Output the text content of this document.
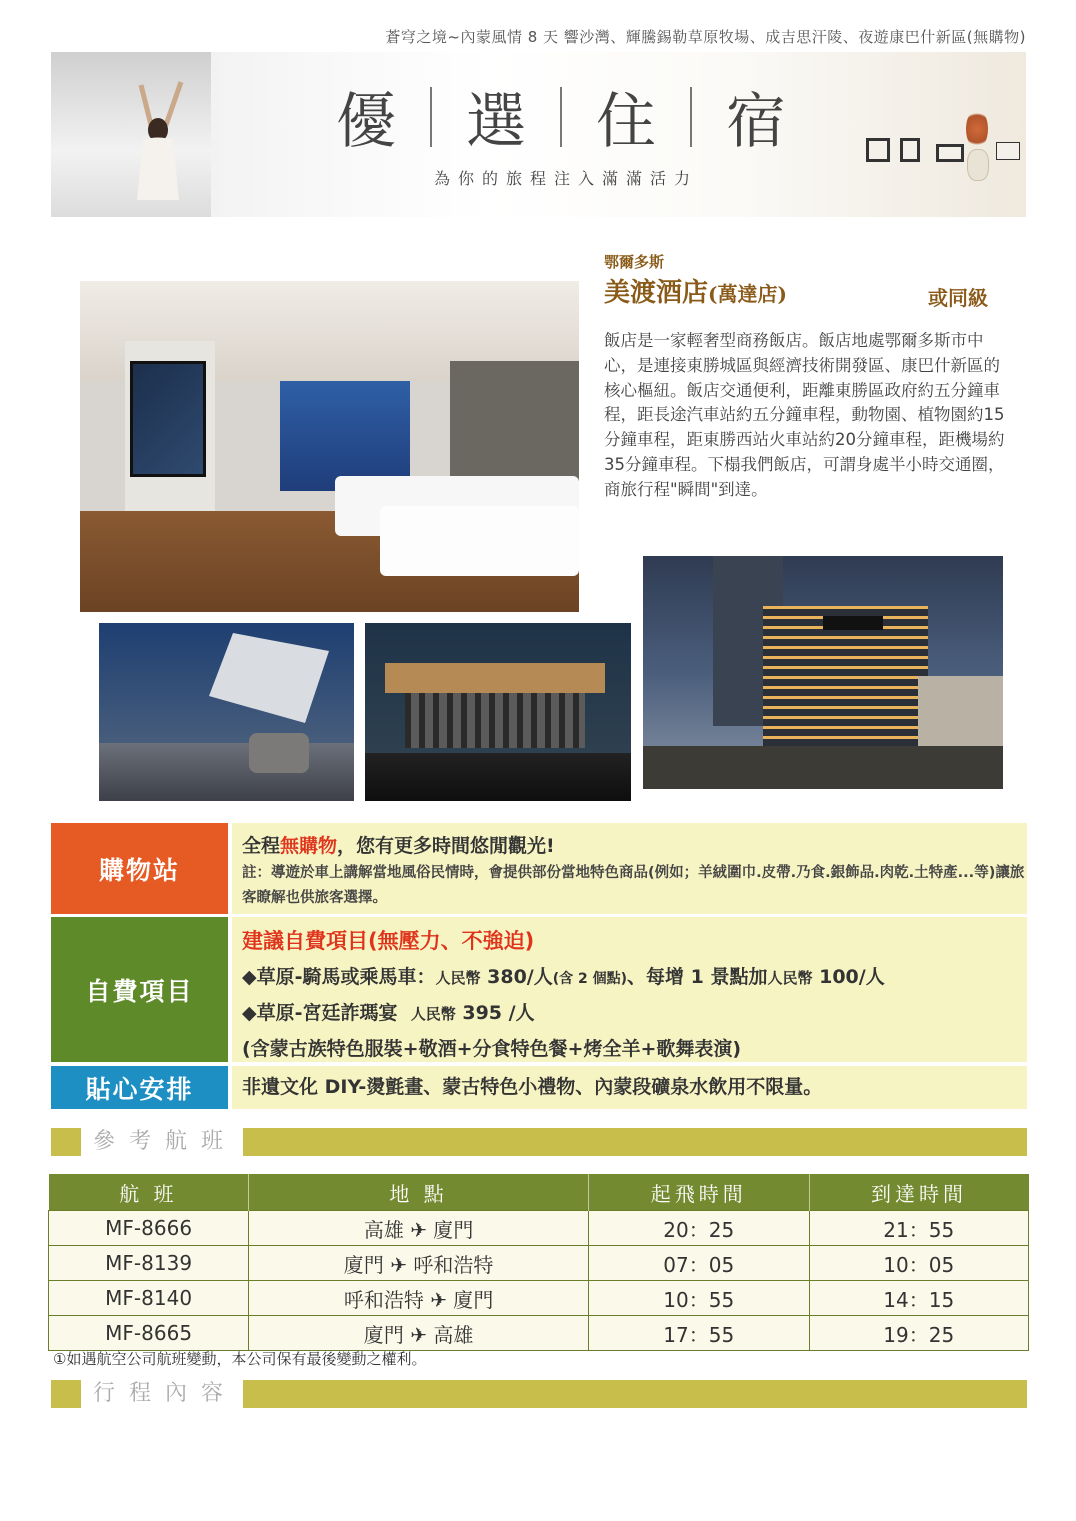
蒼穹之境~內蒙風情 8 天 響沙灣、輝騰錫勒草原牧場、成吉思汗陵、夜遊康巴什新區(無購物)
優 選 住 宿
為你的旅程注入滿滿活力
鄂爾多斯
美渡酒店(萬達店)	或同級
飯店是一家輕奢型商務飯店。飯店地處鄂爾多斯市中心，是連接東勝城區與經濟技術開發區、康巴什新區的核心樞紐。飯店交通便利，距離東勝區政府約五分鐘車程，距長途汽車站約五分鐘車程，動物園、植物園約15分鐘車程，距東勝西站火車站約20分鐘車程，距機場約35分鐘車程。下榻我們飯店，可謂身處半小時交通圈，商旅行程"瞬間"到達。
購物站
全程無購物，您有更多時間悠閒觀光!
註：導遊於車上講解當地風俗民情時，會提供部份當地特色商品(例如；羊絨圍巾.皮帶.乃食.銀飾品.肉乾.土特產...等)讓旅客瞭解也供旅客選擇。
自費項目
建議自費項目(無壓力、不強迫)
◆草原-騎馬或乘馬車：人民幣 380/人(含 2 個點)、每增 1 景點加人民幣 100/人
◆草原-宮廷詐瑪宴 人民幣 395 /人
(含蒙古族特色服裝+敬酒+分食特色餐+烤全羊+歌舞表演)
貼心安排	非遺文化 DIY-燙氈畫、蒙古特色小禮物、內蒙段礦泉水飲用不限量。
參考航班
航 班	地 點	起飛時間	到達時間
MF-8666	高雄 ✈ 廈門	20：25	21：55
MF-8139	廈門 ✈ 呼和浩特	07：05	10：05
MF-8140	呼和浩特 ✈ 廈門	10：55	14：15
MF-8665	廈門 ✈ 高雄	17：55	19：25
①如遇航空公司航班變動，本公司保有最後變動之權利。
行程內容
